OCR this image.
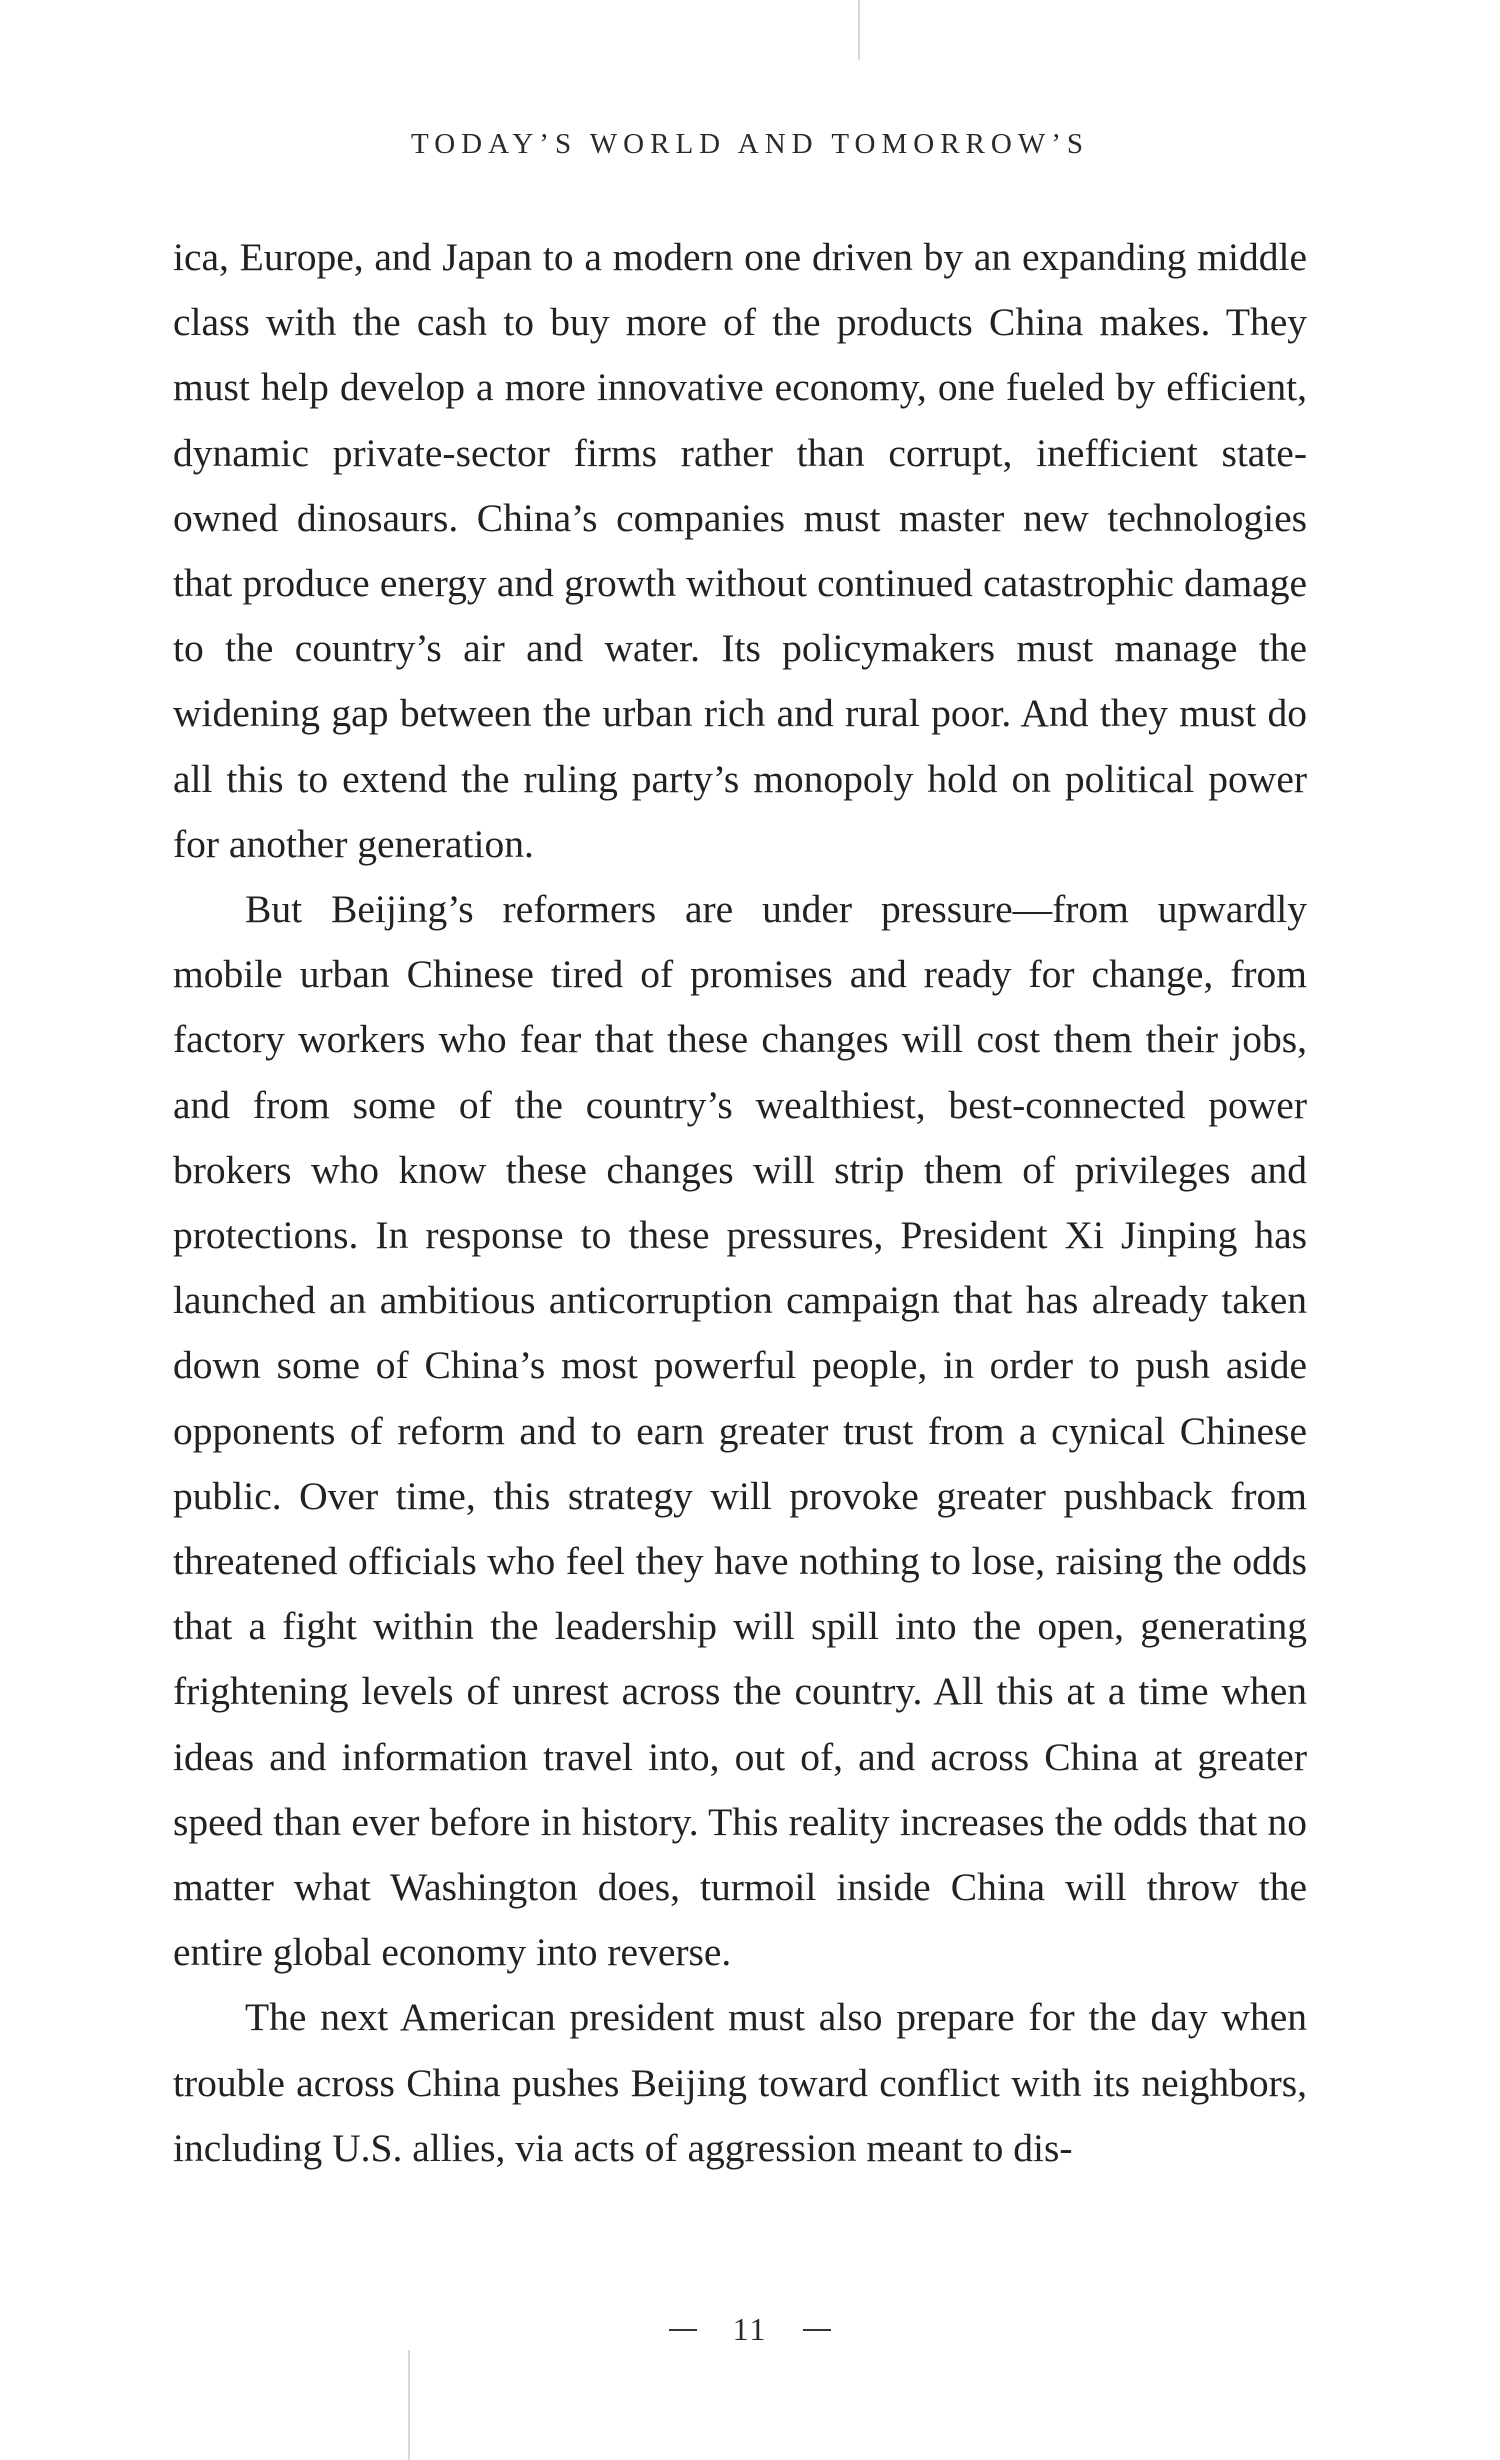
TODAY’S WORLD AND TOMORROW’S

ica, Europe, and Japan to a modern one driven by an expanding middle class with the cash to buy more of the products China makes. They must help develop a more innovative economy, one fueled by efficient, dynamic private-sector firms rather than corrupt, inefficient state-owned dinosaurs. China’s companies must master new technologies that produce energy and growth without continued catastrophic damage to the country’s air and water. Its policymakers must manage the widening gap between the urban rich and rural poor. And they must do all this to extend the ruling party’s monopoly hold on political power for another generation.

But Beijing’s reformers are under pressure—from upwardly mobile urban Chinese tired of promises and ready for change, from factory workers who fear that these changes will cost them their jobs, and from some of the country’s wealthiest, best-connected power brokers who know these changes will strip them of privileges and protections. In response to these pressures, President Xi Jinping has launched an ambitious anticorruption campaign that has already taken down some of China’s most powerful people, in order to push aside opponents of reform and to earn greater trust from a cynical Chinese public. Over time, this strategy will provoke greater pushback from threatened officials who feel they have nothing to lose, raising the odds that a fight within the leadership will spill into the open, generating frightening levels of unrest across the country. All this at a time when ideas and information travel into, out of, and across China at greater speed than ever before in history. This reality increases the odds that no matter what Washington does, turmoil inside China will throw the entire global economy into reverse.

The next American president must also prepare for the day when trouble across China pushes Beijing toward conflict with its neighbors, including U.S. allies, via acts of aggression meant to dis-

11
